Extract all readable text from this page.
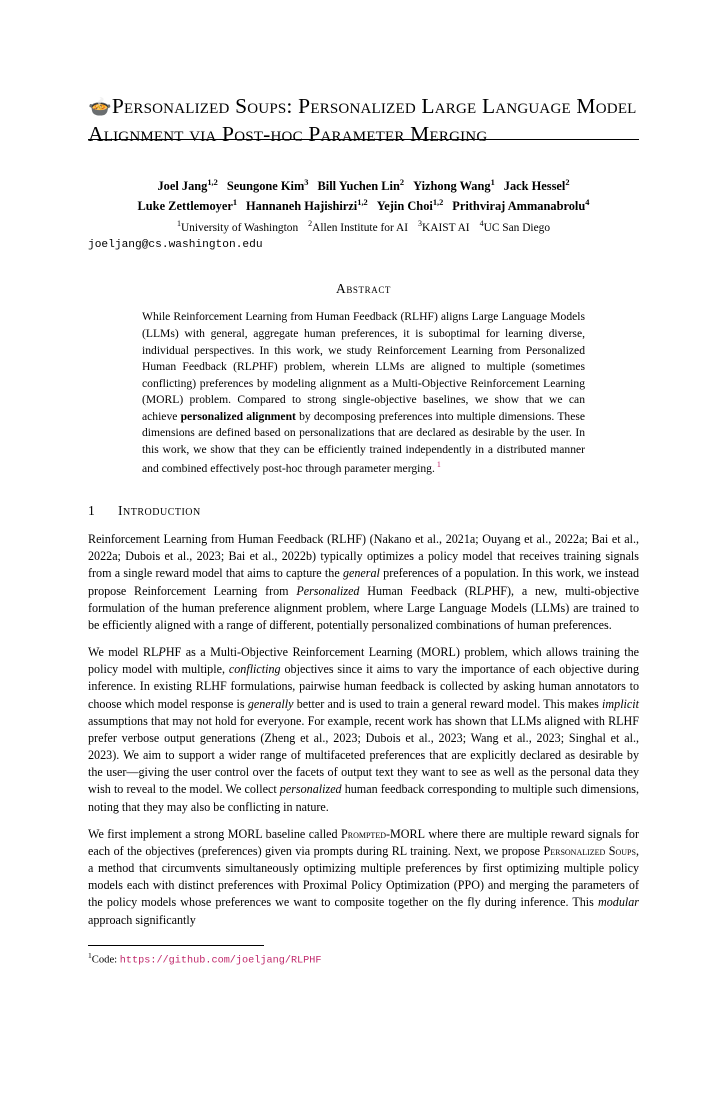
🍲Personalized Soups: Personalized Large Language Model Alignment via Post-hoc Parameter Merging
Joel Jang$^{1,2}$ Seungone Kim$^3$ Bill Yuchen Lin$^2$ Yizhong Wang$^1$ Jack Hessel$^2$
Luke Zettlemoyer$^1$ Hannaneh Hajishirzi$^{1,2}$ Yejin Choi$^{1,2}$ Prithviraj Ammanabrolu$^4$
$^1$University of Washington $^2$Allen Institute for AI $^3$KAIST AI $^4$UC San Diego
joeljang@cs.washington.edu
Abstract
While Reinforcement Learning from Human Feedback (RLHF) aligns Large Language Models (LLMs) with general, aggregate human preferences, it is suboptimal for learning diverse, individual perspectives. In this work, we study Reinforcement Learning from Personalized Human Feedback (RLPHF) problem, wherein LLMs are aligned to multiple (sometimes conflicting) preferences by modeling alignment as a Multi-Objective Reinforcement Learning (MORL) problem. Compared to strong single-objective baselines, we show that we can achieve personalized alignment by decomposing preferences into multiple dimensions. These dimensions are defined based on personalizations that are declared as desirable by the user. In this work, we show that they can be efficiently trained independently in a distributed manner and combined effectively post-hoc through parameter merging. $^1$
1	Introduction
Reinforcement Learning from Human Feedback (RLHF) (Nakano et al., 2021a; Ouyang et al., 2022a; Bai et al., 2022a; Dubois et al., 2023; Bai et al., 2022b) typically optimizes a policy model that receives training signals from a single reward model that aims to capture the general preferences of a population. In this work, we instead propose Reinforcement Learning from Personalized Human Feedback (RLPHF), a new, multi-objective formulation of the human preference alignment problem, where Large Language Models (LLMs) are trained to be efficiently aligned with a range of different, potentially personalized combinations of human preferences.
We model RLPHF as a Multi-Objective Reinforcement Learning (MORL) problem, which allows training the policy model with multiple, conflicting objectives since it aims to vary the importance of each objective during inference. In existing RLHF formulations, pairwise human feedback is collected by asking human annotators to choose which model response is generally better and is used to train a general reward model. This makes implicit assumptions that may not hold for everyone. For example, recent work has shown that LLMs aligned with RLHF prefer verbose output generations (Zheng et al., 2023; Dubois et al., 2023; Wang et al., 2023; Singhal et al., 2023). We aim to support a wider range of multifaceted preferences that are explicitly declared as desirable by the user—giving the user control over the facets of output text they want to see as well as the personal data they wish to reveal to the model. We collect personalized human feedback corresponding to multiple such dimensions, noting that they may also be conflicting in nature.
We first implement a strong MORL baseline called Prompted-MORL where there are multiple reward signals for each of the objectives (preferences) given via prompts during RL training. Next, we propose Personalized Soups, a method that circumvents simultaneously optimizing multiple preferences by first optimizing multiple policy models each with distinct preferences with Proximal Policy Optimization (PPO) and merging the parameters of the policy models whose preferences we want to composite together on the fly during inference. This modular approach significantly
$^1$Code: https://github.com/joeljang/RLPHF
